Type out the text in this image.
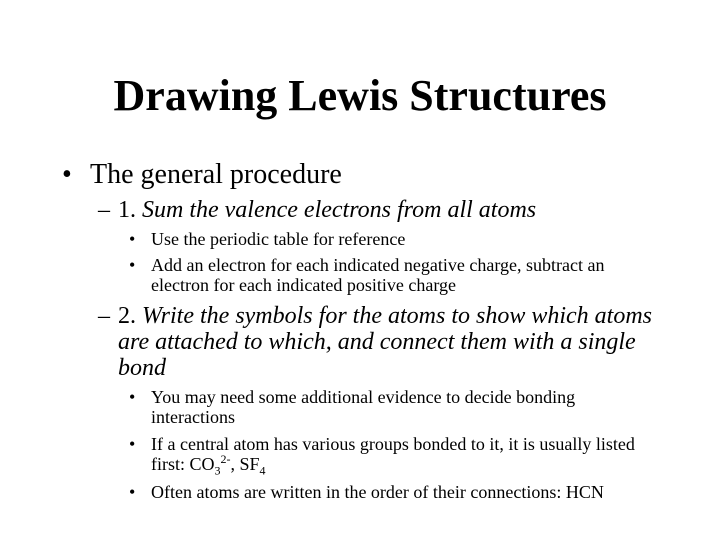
Drawing Lewis Structures
• The general procedure
– 1. Sum the valence electrons from all atoms
• Use the periodic table for reference
• Add an electron for each indicated negative charge, subtract an electron for each indicated positive charge
– 2. Write the symbols for the atoms to show which atoms are attached to which, and connect them with a single bond
• You may need some additional evidence to decide bonding interactions
• If a central atom has various groups bonded to it, it is usually listed first: $CO_3^{2-}$, $SF_4$
• Often atoms are written in the order of their connections: HCN
